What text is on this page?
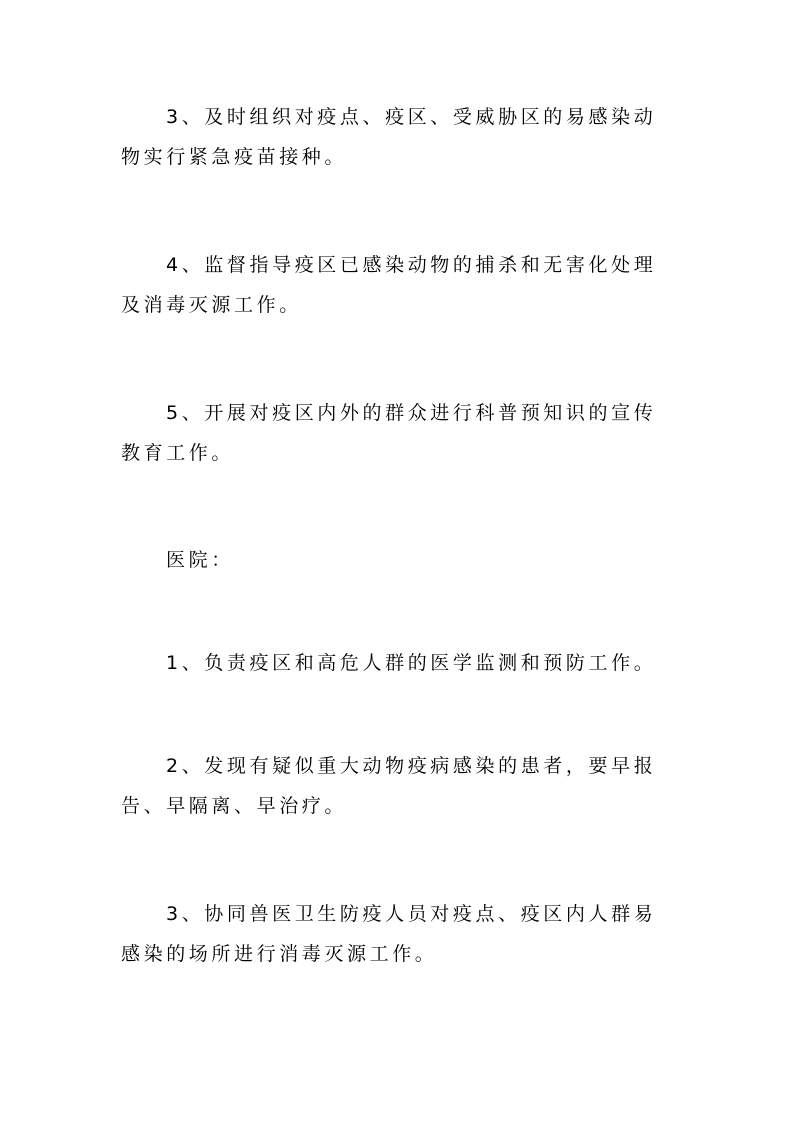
3、及时组织对疫点、疫区、受威胁区的易感染动物实行紧急疫苗接种。

4、监督指导疫区已感染动物的捕杀和无害化处理及消毒灭源工作。

5、开展对疫区内外的群众进行科普预知识的宣传教育工作。

医院：

1、负责疫区和高危人群的医学监测和预防工作。

2、发现有疑似重大动物疫病感染的患者，要早报告、早隔离、早治疗。

3、协同兽医卫生防疫人员对疫点、疫区内人群易感染的场所进行消毒灭源工作。
